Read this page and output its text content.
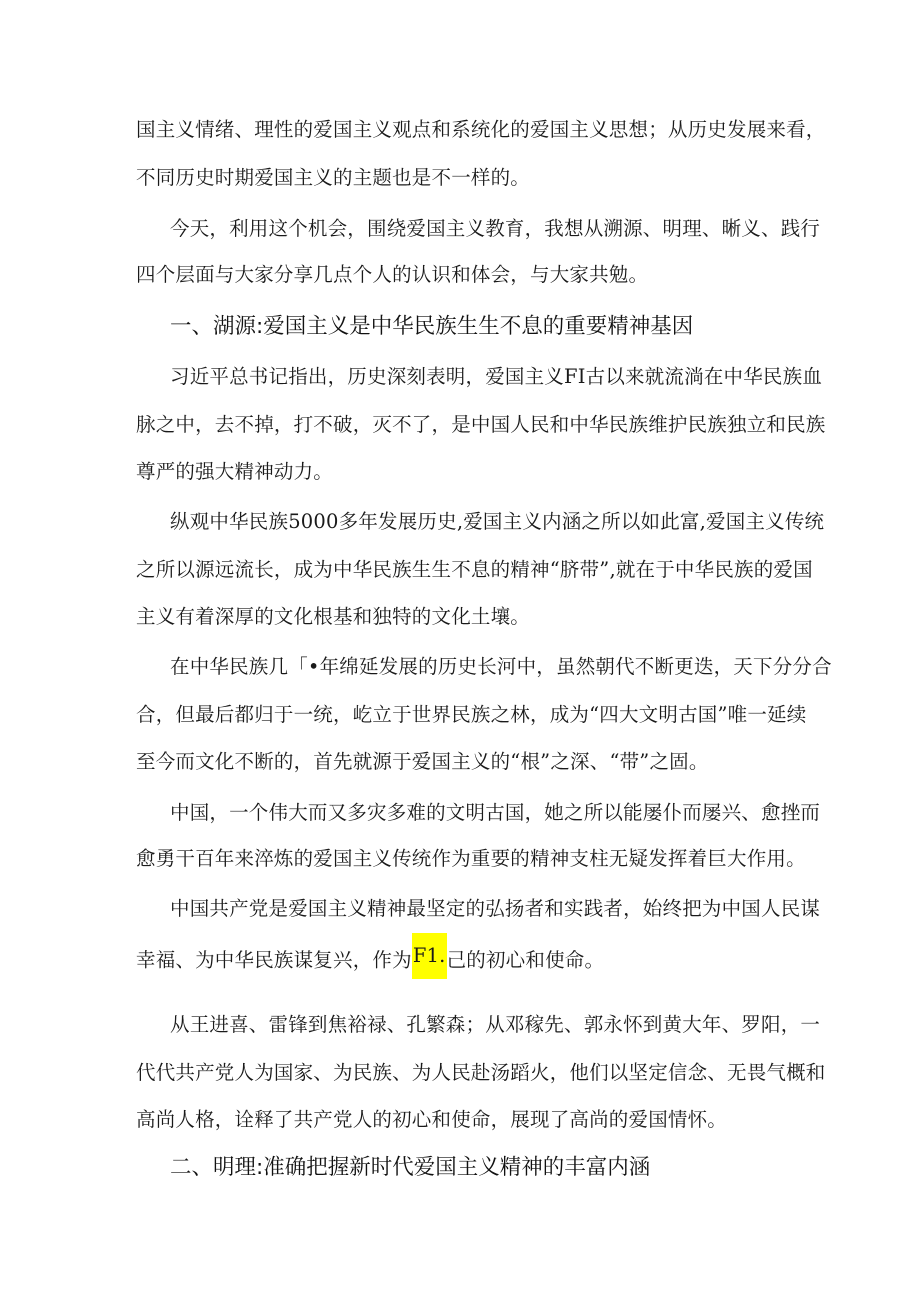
国主义情绪、理性的爱国主义观点和系统化的爱国主义思想；从历史发展来看，
不同历史时期爱国主义的主题也是不一样的。
今天，利用这个机会，围绕爱国主义教育，我想从溯源、明理、晰义、践行
四个层面与大家分享几点个人的认识和体会，与大家共勉。
一、湖源:爱国主义是中华民族生生不息的重要精神基因
习近平总书记指出，历史深刻表明，爱国主义FI古以来就流淌在中华民族血
脉之中，去不掉，打不破，灭不了，是中国人民和中华民族维护民族独立和民族
尊严的强大精神动力。
纵观中华民族5000多年发展历史,爱国主义内涵之所以如此富,爱国主义传统
之所以源远流长，成为中华民族生生不息的精神“脐带”,就在于中华民族的爱国
主义有着深厚的文化根基和独特的文化土壤。
在中华民族几「•年绵延发展的历史长河中，虽然朝代不断更迭，天下分分合
合，但最后都归于一统，屹立于世界民族之林，成为“四大文明古国”唯一延续
至今而文化不断的，首先就源于爱国主义的“根”之深、“带”之固。
中国，一个伟大而又多灾多难的文明古国，她之所以能屡仆而屡兴、愈挫而
愈勇干百年来淬炼的爱国主义传统作为重要的精神支柱无疑发挥着巨大作用。
中国共产党是爱国主义精神最坚定的弘扬者和实践者，始终把为中国人民谋
幸福、为中华民族谋复兴，作为F1.己的初心和使命。
从王进喜、雷锋到焦裕禄、孔繁森；从邓稼先、郭永怀到黄大年、罗阳，一
代代共产党人为国家、为民族、为人民赴汤蹈火，他们以坚定信念、无畏气概和
高尚人格，诠释了共产党人的初心和使命，展现了高尚的爱国情怀。
二、明理:准确把握新时代爱国主义精神的丰富内涵
